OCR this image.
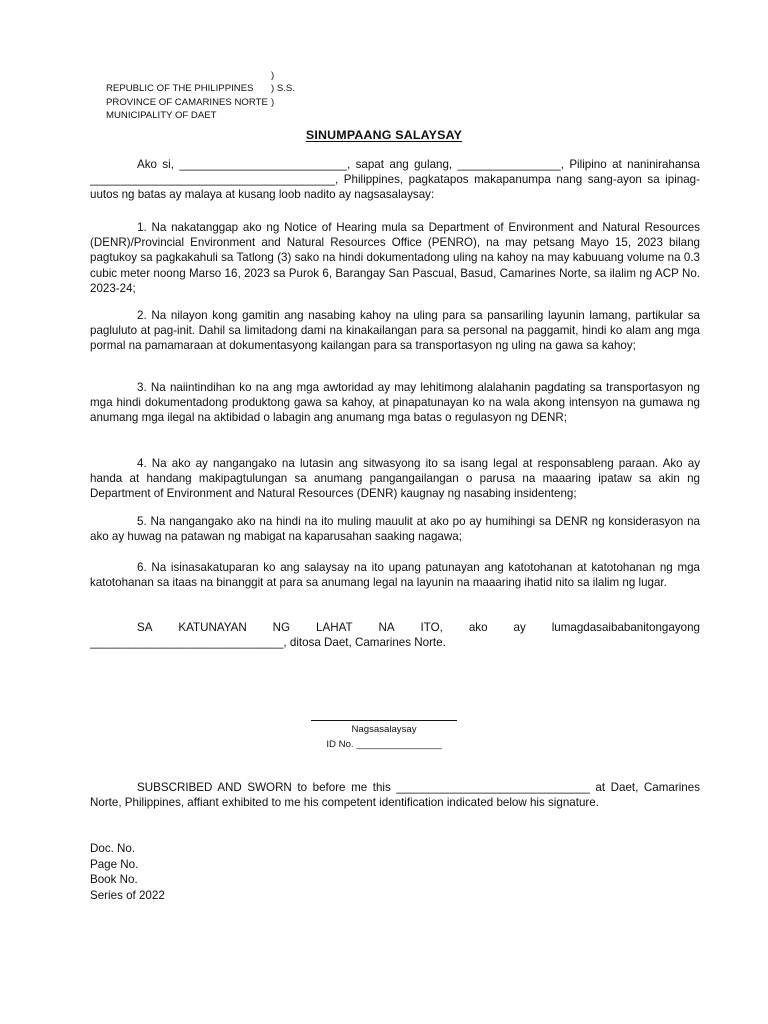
REPUBLIC OF THE PHILIPPINES

)

PROVINCE OF CAMARINES NORTE

) S.S.

MUNICIPALITY OF DAET

)

SINUMPAANG SALAYSAY

Ako si, __________________________, sapat ang gulang, ________________, Pilipino at naninirahansa ______________________________________, Philippines, pagkatapos makapanumpa nang sang-ayon sa ipinag-uutos ng batas ay malaya at kusang loob nadito ay nagsasalaysay:

1. Na nakatanggap ako ng Notice of Hearing mula sa Department of Environment and Natural Resources (DENR)/Provincial Environment and Natural Resources Office (PENRO), na may petsang Mayo 15, 2023 bilang pagtukoy sa pagkakahuli sa Tatlong (3) sako na hindi dokumentadong uling na kahoy na may kabuuang volume na 0.3 cubic meter noong Marso 16, 2023 sa Purok 6, Barangay San Pascual, Basud, Camarines Norte, sa ilalim ng ACP No. 2023-24;

2. Na nilayon kong gamitin ang nasabing kahoy na uling para sa pansariling layunin lamang, partikular sa pagluluto at pag-init. Dahil sa limitadong dami na kinakailangan para sa personal na paggamit, hindi ko alam ang mga pormal na pamamaraan at dokumentasyong kailangan para sa transportasyon ng uling na gawa sa kahoy;

3. Na naiintindihan ko na ang mga awtoridad ay may lehitimong alalahanin pagdating sa transportasyon ng mga hindi dokumentadong produktong gawa sa kahoy, at pinapatunayan ko na wala akong intensyon na gumawa ng anumang mga ilegal na aktibidad o labagin ang anumang mga batas o regulasyon ng DENR;

4. Na ako ay nangangako na lutasin ang sitwasyong ito sa isang legal at responsableng paraan. Ako ay handa at handang makipagtulungan sa anumang pangangailangan o parusa na maaaring ipataw sa akin ng Department of Environment and Natural Resources (DENR) kaugnay ng nasabing insidenteng;

5. Na nangangako ako na hindi na ito muling mauulit at ako po ay humihingi sa DENR ng konsiderasyon na ako ay huwag na patawan ng mabigat na kaparusahan saaking nagawa;

6. Na isinasakatuparan ko ang salaysay na ito upang patunayan ang katotohanan at katotohanan ng mga katotohanan sa itaas na binanggit at para sa anumang legal na layunin na maaaring ihatid nito sa ilalim ng lugar.

SA KATUNAYAN NG LAHAT NA ITO, ako ay lumagdasaibabanitongayong

______________________________, ditosa Daet, Camarines Norte.

Nagsasalaysay
ID No. ________________

SUBSCRIBED AND SWORN to before me this ______________________________ at Daet, Camarines Norte, Philippines, affiant exhibited to me his competent identification indicated below his signature.

Doc. No.
Page No.
Book No.
Series of 2022
